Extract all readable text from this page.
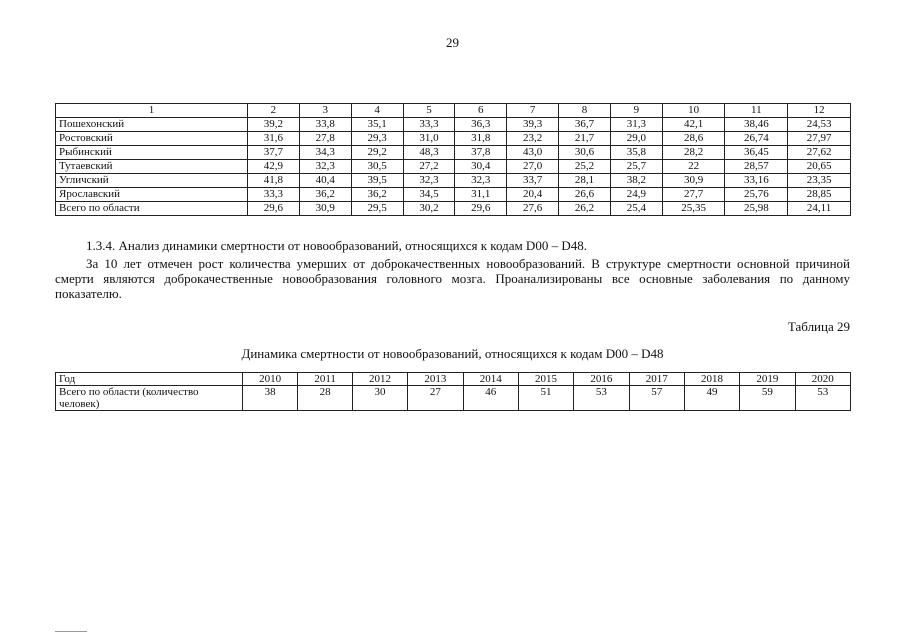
29
1	2	3	4	5	6	7	8	9	10	11	12
Пошехонский	39,2	33,8	35,1	33,3	36,3	39,3	36,7	31,3	42,1	38,46	24,53
Ростовский	31,6	27,8	29,3	31,0	31,8	23,2	21,7	29,0	28,6	26,74	27,97
Рыбинский	37,7	34,3	29,2	48,3	37,8	43,0	30,6	35,8	28,2	36,45	27,62
Тутаевский	42,9	32,3	30,5	27,2	30,4	27,0	25,2	25,7	22	28,57	20,65
Угличский	41,8	40,4	39,5	32,3	32,3	33,7	28,1	38,2	30,9	33,16	23,35
Ярославский	33,3	36,2	36,2	34,5	31,1	20,4	26,6	24,9	27,7	25,76	28,85
Всего по области	29,6	30,9	29,5	30,2	29,6	27,6	26,2	25,4	25,35	25,98	24,11
1.3.4. Анализ динамики смертности от новообразований, относящихся к кодам D00 – D48.
За 10 лет отмечен рост количества умерших от доброкачественных новообразований. В структуре смертности основной причиной смерти являются доброкачественные новообразования головного мозга. Проанализированы все основные заболевания по данному показателю.
Таблица 29
Динамика смертности от новообразований, относящихся к кодам D00 – D48
Год	2010	2011	2012	2013	2014	2015	2016	2017	2018	2019	2020
Всего по области (количество человек)	38	28	30	27	46	51	53	57	49	59	53
